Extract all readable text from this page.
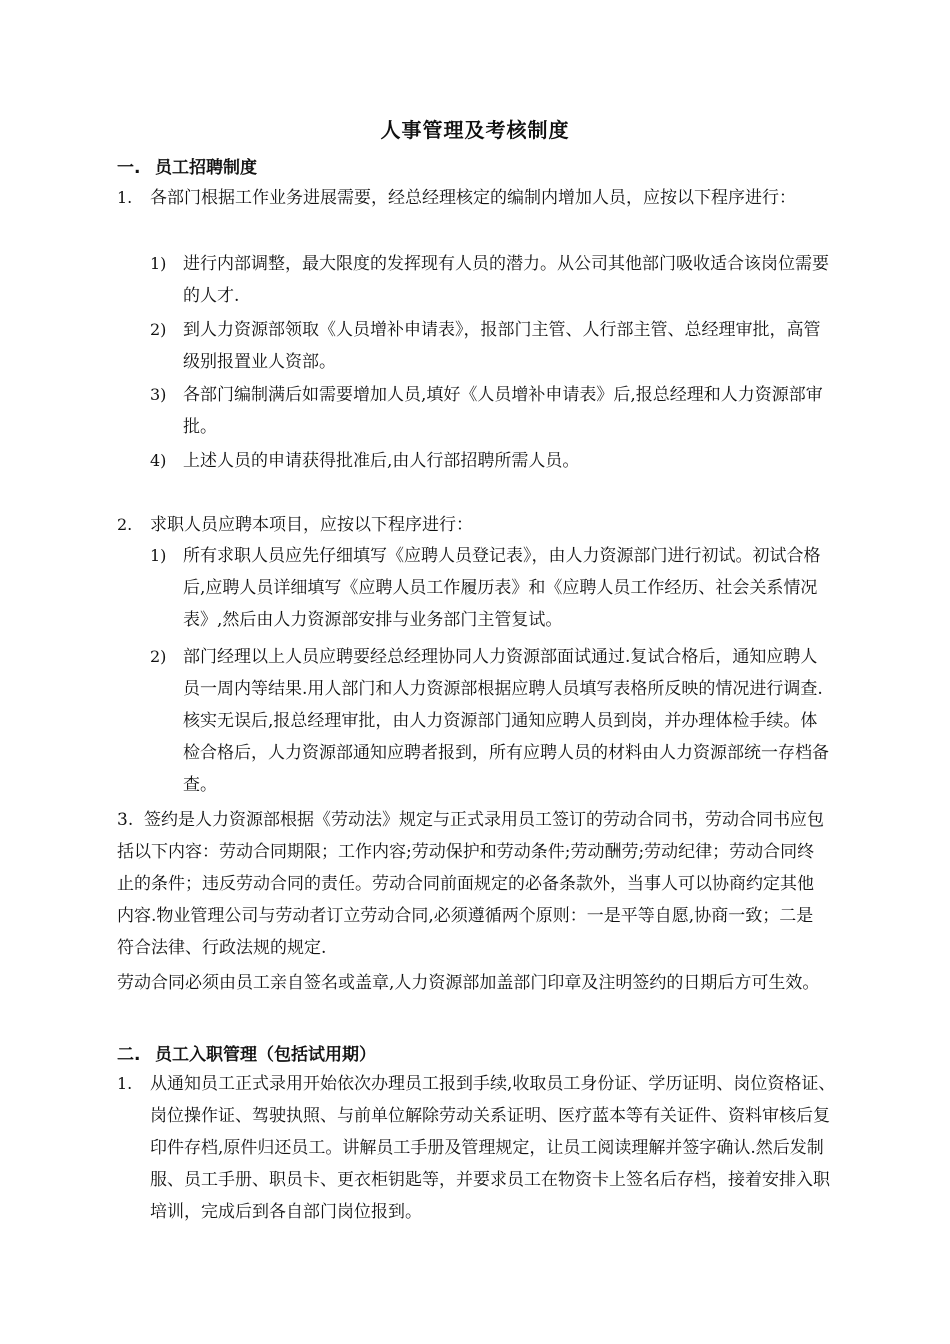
人事管理及考核制度
一. 员工招聘制度
1.	各部门根据工作业务进展需要，经总经理核定的编制内增加人员，应按以下程序进行：
1) 进行内部调整，最大限度的发挥现有人员的潜力。从公司其他部门吸收适合该岗位需要的人才.
2) 到人力资源部领取《人员增补申请表》，报部门主管、人行部主管、总经理审批，高管级别报置业人资部。
3) 各部门编制满后如需要增加人员,填好《人员增补申请表》后,报总经理和人力资源部审批。
4) 上述人员的申请获得批准后,由人行部招聘所需人员。
2.	求职人员应聘本项目，应按以下程序进行：
1) 所有求职人员应先仔细填写《应聘人员登记表》，由人力资源部门进行初试。初试合格后,应聘人员详细填写《应聘人员工作履历表》和《应聘人员工作经历、社会关系情况表》,然后由人力资源部安排与业务部门主管复试。
2) 部门经理以上人员应聘要经总经理协同人力资源部面试通过.复试合格后，通知应聘人员一周内等结果.用人部门和人力资源部根据应聘人员填写表格所反映的情况进行调查.核实无误后,报总经理审批，由人力资源部门通知应聘人员到岗，并办理体检手续。体检合格后，人力资源部通知应聘者报到，所有应聘人员的材料由人力资源部统一存档备查。
3. 签约是人力资源部根据《劳动法》规定与正式录用员工签订的劳动合同书，劳动合同书应包括以下内容：劳动合同期限；工作内容;劳动保护和劳动条件;劳动酬劳;劳动纪律；劳动合同终止的条件；违反劳动合同的责任。劳动合同前面规定的必备条款外，当事人可以协商约定其他内容.物业管理公司与劳动者订立劳动合同,必须遵循两个原则：一是平等自愿,协商一致；二是符合法律、行政法规的规定.
劳动合同必须由员工亲自签名或盖章,人力资源部加盖部门印章及注明签约的日期后方可生效。
二. 员工入职管理（包括试用期）
1.	从通知员工正式录用开始依次办理员工报到手续,收取员工身份证、学历证明、岗位资格证、岗位操作证、驾驶执照、与前单位解除劳动关系证明、医疗蓝本等有关证件、资料审核后复印件存档,原件归还员工。讲解员工手册及管理规定，让员工阅读理解并签字确认.然后发制服、员工手册、职员卡、更衣柜钥匙等，并要求员工在物资卡上签名后存档，接着安排入职培训，完成后到各自部门岗位报到。
